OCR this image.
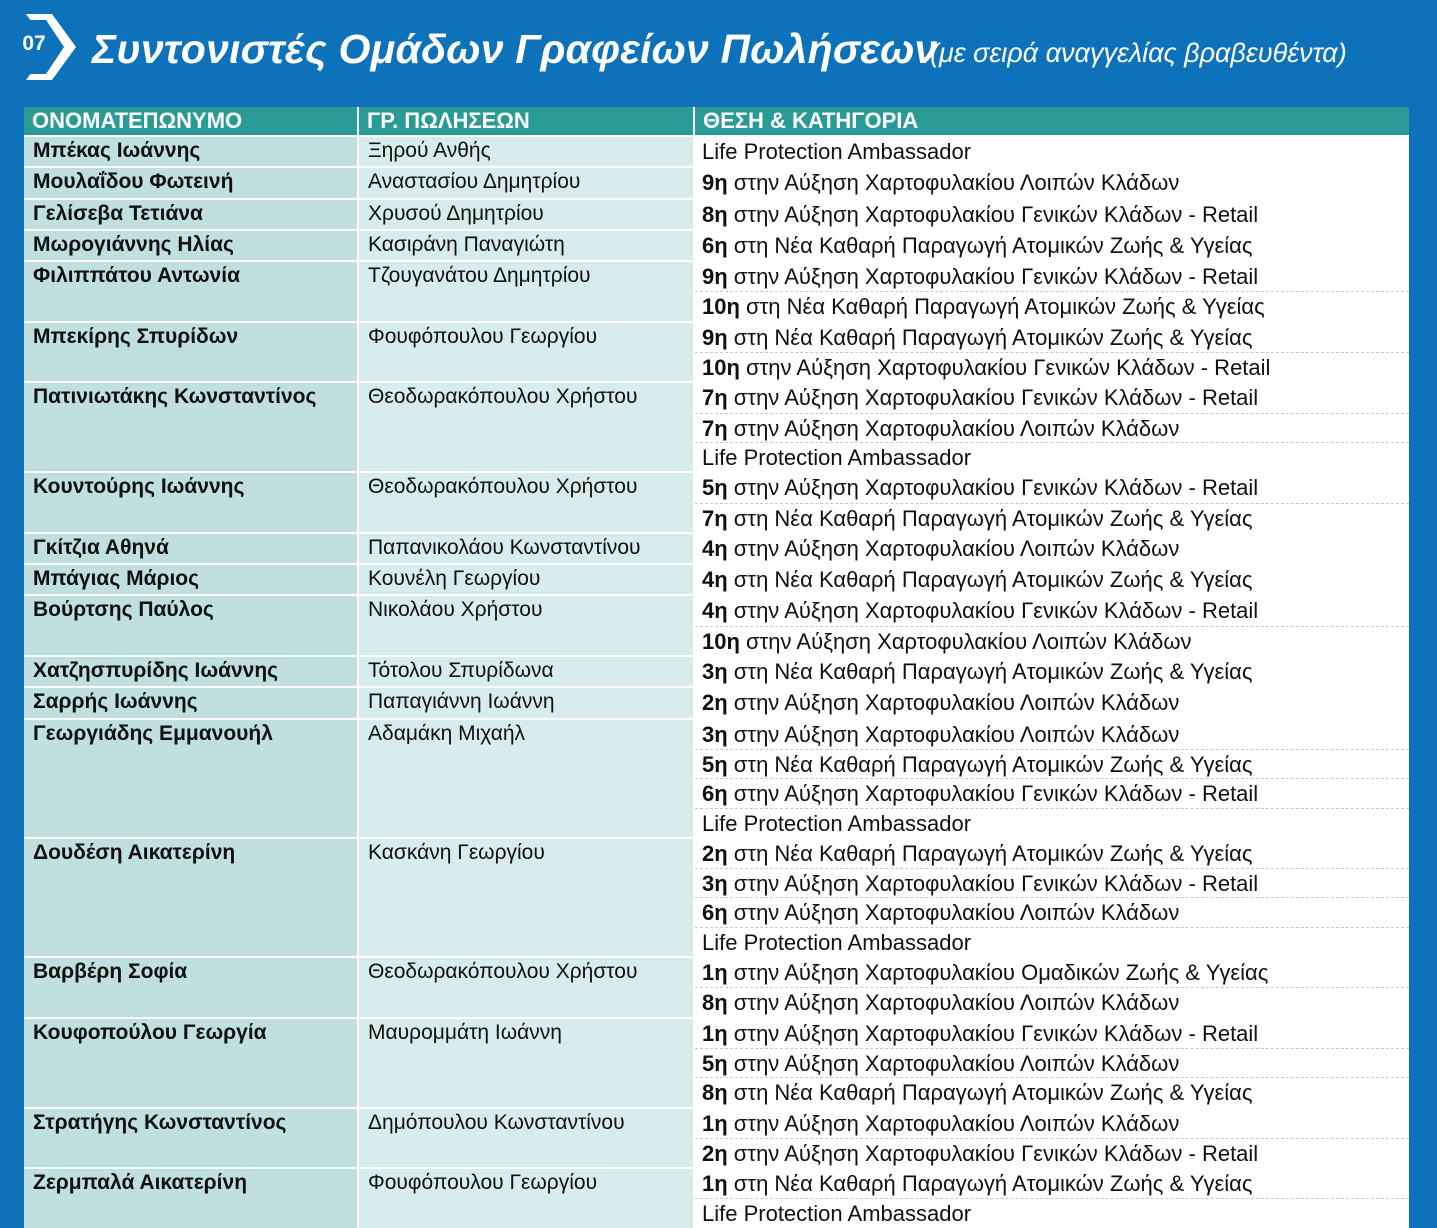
07 Συντονιστές Ομάδων Γραφείων Πωλήσεων
(με σειρά αναγγελίας βραβευθέντα)
ΟΝΟΜΑΤΕΠΩΝΥΜΟ	ΓΡ. ΠΩΛΗΣΕΩΝ	ΘΕΣΗ & ΚΑΤΗΓΟΡΙΑ
Μπέκας Ιωάννης	Ξηρού Ανθής	Life Protection Ambassador

Μουλαΐδου Φωτεινή	Αναστασίου Δημητρίου	9η στην Αύξηση Χαρτοφυλακίου Λοιπών Κλάδων

Γελίσεβα Τετιάνα	Χρυσού Δημητρίου	8η στην Αύξηση Χαρτοφυλακίου Γενικών Κλάδων - Retail

Μωρογιάννης Ηλίας	Κασιράνη Παναγιώτη	6η στη Νέα Καθαρή Παραγωγή Ατομικών Ζωής & Υγείας

Φιλιππάτου Αντωνία	Τζουγανάτου Δημητρίου	9η στην Αύξηση Χαρτοφυλακίου Γενικών Κλάδων - Retail
10η στη Νέα Καθαρή Παραγωγή Ατομικών Ζωής & Υγείας

Μπεκίρης Σπυρίδων	Φουφόπουλου Γεωργίου	9η στη Νέα Καθαρή Παραγωγή Ατομικών Ζωής & Υγείας
10η στην Αύξηση Χαρτοφυλακίου Γενικών Κλάδων - Retail

Πατινιωτάκης Κωνσταντίνος	Θεοδωρακόπουλου Χρήστου	7η στην Αύξηση Χαρτοφυλακίου Γενικών Κλάδων - Retail
7η στην Αύξηση Χαρτοφυλακίου Λοιπών Κλάδων
Life Protection Ambassador

Κουντούρης Ιωάννης	Θεοδωρακόπουλου Χρήστου	5η στην Αύξηση Χαρτοφυλακίου Γενικών Κλάδων - Retail
7η στη Νέα Καθαρή Παραγωγή Ατομικών Ζωής & Υγείας

Γκίτζια Αθηνά	Παπανικολάου Κωνσταντίνου	4η στην Αύξηση Χαρτοφυλακίου Λοιπών Κλάδων

Μπάγιας Μάριος	Κουνέλη Γεωργίου	4η στη Νέα Καθαρή Παραγωγή Ατομικών Ζωής & Υγείας

Βούρτσης Παύλος	Νικολάου Χρήστου	4η στην Αύξηση Χαρτοφυλακίου Γενικών Κλάδων - Retail
10η στην Αύξηση Χαρτοφυλακίου Λοιπών Κλάδων

Χατζησπυρίδης Ιωάννης	Τότολου Σπυρίδωνα	3η στη Νέα Καθαρή Παραγωγή Ατομικών Ζωής & Υγείας

Σαρρής Ιωάννης	Παπαγιάννη Ιωάννη	2η στην Αύξηση Χαρτοφυλακίου Λοιπών Κλάδων

Γεωργιάδης Εμμανουήλ	Αδαμάκη Μιχαήλ	3η στην Αύξηση Χαρτοφυλακίου Λοιπών Κλάδων
5η στη Νέα Καθαρή Παραγωγή Ατομικών Ζωής & Υγείας
6η στην Αύξηση Χαρτοφυλακίου Γενικών Κλάδων - Retail
Life Protection Ambassador

Δουδέση Αικατερίνη	Κασκάνη Γεωργίου	2η στη Νέα Καθαρή Παραγωγή Ατομικών Ζωής & Υγείας
3η στην Αύξηση Χαρτοφυλακίου Γενικών Κλάδων - Retail
6η στην Αύξηση Χαρτοφυλακίου Λοιπών Κλάδων
Life Protection Ambassador

Βαρβέρη Σοφία	Θεοδωρακόπουλου Χρήστου	1η στην Αύξηση Χαρτοφυλακίου Ομαδικών Ζωής & Υγείας
8η στην Αύξηση Χαρτοφυλακίου Λοιπών Κλάδων

Κουφοπούλου Γεωργία	Μαυρομμάτη Ιωάννη	1η στην Αύξηση Χαρτοφυλακίου Γενικών Κλάδων - Retail
5η στην Αύξηση Χαρτοφυλακίου Λοιπών Κλάδων
8η στη Νέα Καθαρή Παραγωγή Ατομικών Ζωής & Υγείας

Στρατήγης Κωνσταντίνος	Δημόπουλου Κωνσταντίνου	1η στην Αύξηση Χαρτοφυλακίου Λοιπών Κλάδων
2η στην Αύξηση Χαρτοφυλακίου Γενικών Κλάδων - Retail

Ζερμπαλά Αικατερίνη	Φουφόπουλου Γεωργίου	1η στη Νέα Καθαρή Παραγωγή Ατομικών Ζωής & Υγείας
Life Protection Ambassador
